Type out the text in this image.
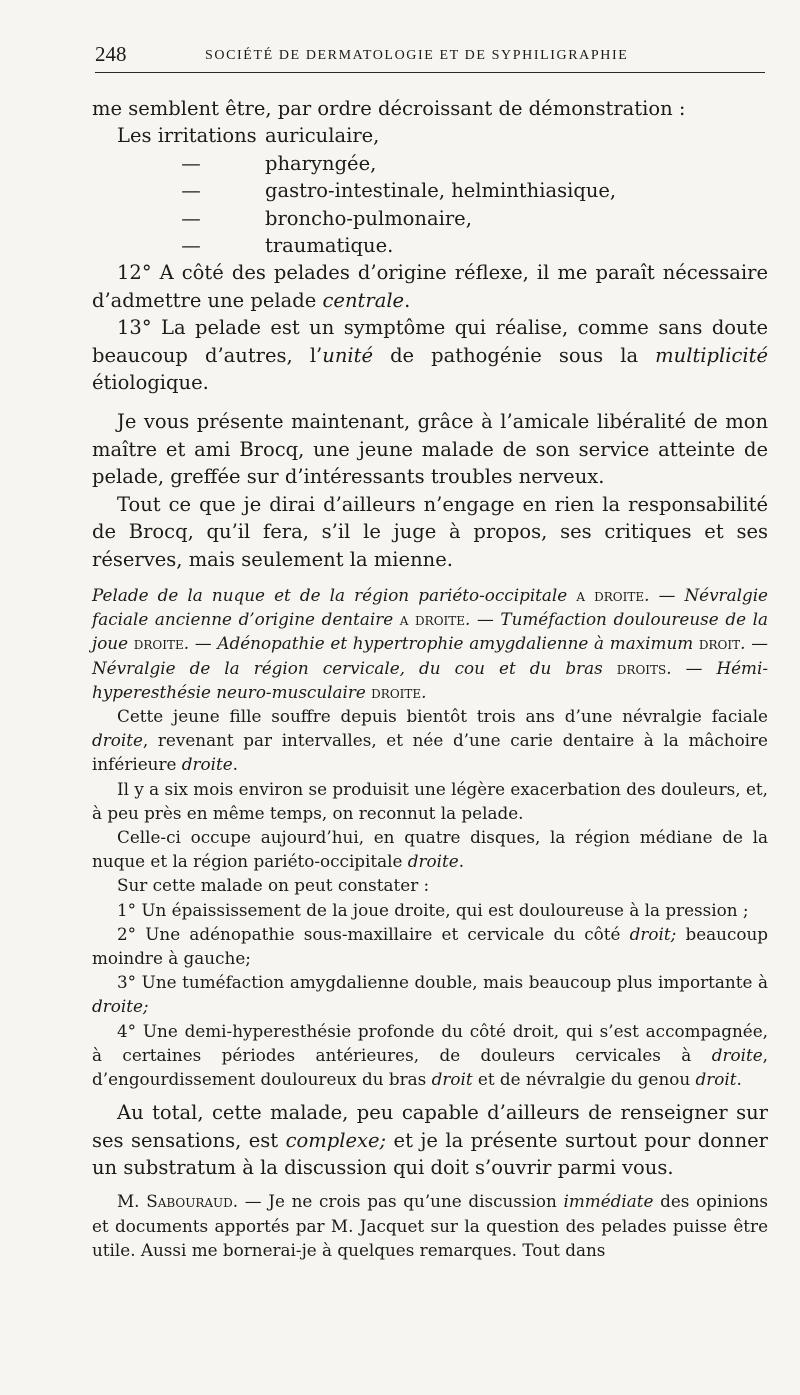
248	SOCIÉTÉ DE DERMATOLOGIE ET DE SYPHILIGRAPHIE

me semblent être, par ordre décroissant de démonstration :

Les irritations auriculaire,

—	pharyngée,

—	gastro-intestinale, helminthiasique,

—	broncho-pulmonaire,

—	traumatique.

12° A côté des pelades d’origine réflexe, il me paraît nécessaire d’admettre une pelade centrale.

13° La pelade est un symptôme qui réalise, comme sans doute beaucoup d’autres, l’unité de pathogénie sous la multiplicité étiologique.

Je vous présente maintenant, grâce à l’amicale libéralité de mon maître et ami Brocq, une jeune malade de son service atteinte de pelade, greffée sur d’intéressants troubles nerveux.

Tout ce que je dirai d’ailleurs n’engage en rien la responsabilité de Brocq, qu’il fera, s’il le juge à propos, ses critiques et ses réserves, mais seulement la mienne.

Pelade de la nuque et de la région pariéto-occipitale a droite. — Névralgie faciale ancienne d’origine dentaire a droite. — Tuméfaction douloureuse de la joue droite. — Adénopathie et hypertrophie amygdalienne à maximum droit. — Névralgie de la région cervicale, du cou et du bras droits. — Hémi-hyperesthésie neuro-musculaire droite.

Cette jeune fille souffre depuis bientôt trois ans d’une névralgie faciale droite, revenant par intervalles, et née d’une carie dentaire à la mâchoire inférieure droite.

Il y a six mois environ se produisit une légère exacerbation des douleurs, et, à peu près en même temps, on reconnut la pelade.

Celle-ci occupe aujourd’hui, en quatre disques, la région médiane de la nuque et la région pariéto-occipitale droite.

Sur cette malade on peut constater :

1° Un épaississement de la joue droite, qui est douloureuse à la pression ;

2° Une adénopathie sous-maxillaire et cervicale du côté droit; beaucoup moindre à gauche;

3° Une tuméfaction amygdalienne double, mais beaucoup plus importante à droite;

4° Une demi-hyperesthésie profonde du côté droit, qui s’est accompagnée, à certaines périodes antérieures, de douleurs cervicales à droite, d’engourdissement douloureux du bras droit et de névralgie du genou droit.

Au total, cette malade, peu capable d’ailleurs de renseigner sur ses sensations, est complexe; et je la présente surtout pour donner un substratum à la discussion qui doit s’ouvrir parmi vous.

M. Sabouraud. — Je ne crois pas qu’une discussion immédiate des opinions et documents apportés par M. Jacquet sur la question des pelades puisse être utile. Aussi me bornerai-je à quelques remarques. Tout dans
